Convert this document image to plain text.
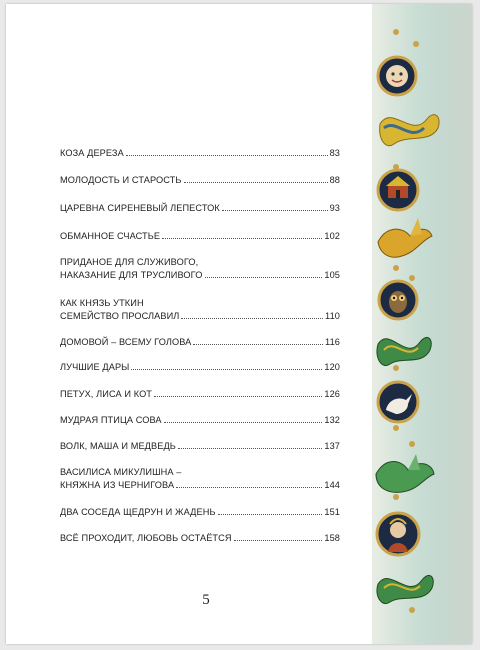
КОЗА ДЕРЕЗА	83
МОЛОДОСТЬ И СТАРОСТЬ	88
ЦАРЕВНА СИРЕНЕВЫЙ ЛЕПЕСТОК	93
ОБМАННОЕ СЧАСТЬЕ	102
ПРИДАНОЕ ДЛЯ СЛУЖИВОГО,
НАКАЗАНИЕ ДЛЯ ТРУСЛИВОГО	105
КАК КНЯЗЬ УТКИН
СЕМЕЙСТВО ПРОСЛАВИЛ	110
ДОМОВОЙ – ВСЕМУ ГОЛОВА	116
ЛУЧШИЕ ДАРЫ	120
ПЕТУХ, ЛИСА И КОТ	126
МУДРАЯ ПТИЦА СОВА	132
ВОЛК, МАША И МЕДВЕДЬ	137
ВАСИЛИСА МИКУЛИШНА –
КНЯЖНА ИЗ ЧЕРНИГОВА	144
ДВА СОСЕДА ЩЕДРУН И ЖАДЕНЬ	151
ВСЁ ПРОХОДИТ, ЛЮБОВЬ ОСТАЁТСЯ	158
5
